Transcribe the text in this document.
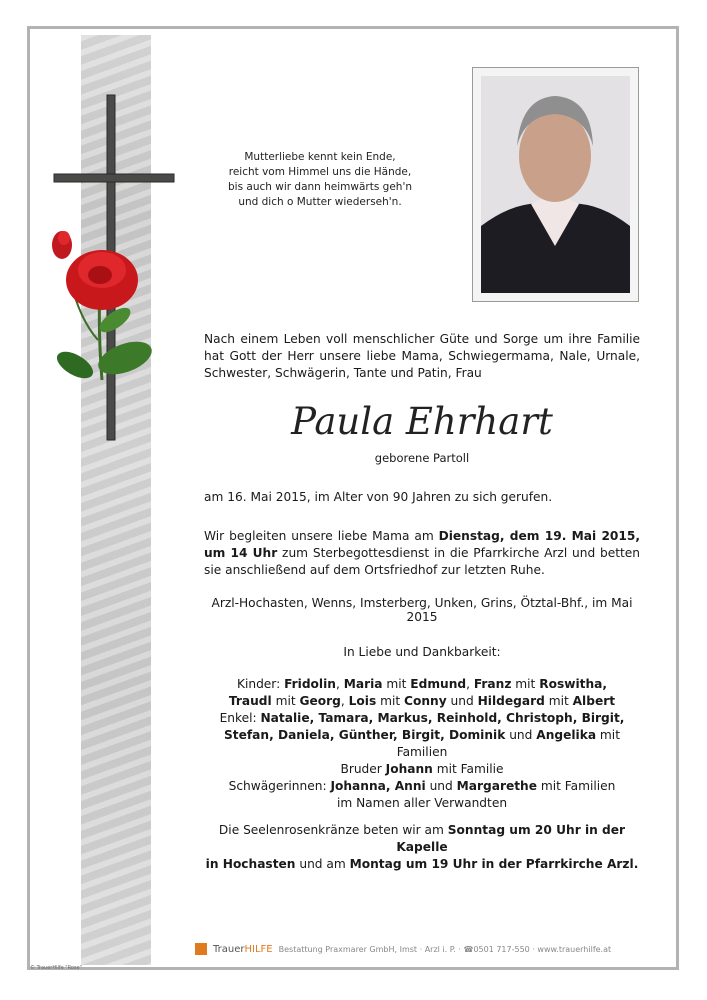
Mutterliebe kennt kein Ende,
reicht vom Himmel uns die Hände,
bis auch wir dann heimwärts geh'n
und dich o Mutter wiederseh'n.
Nach einem Leben voll menschlicher Güte und Sorge um ihre Familie hat Gott der Herr unsere liebe Mama, Schwiegermama, Nale, Urnale, Schwester, Schwägerin, Tante und Patin, Frau
Paula Ehrhart
geborene Partoll
am 16. Mai 2015, im Alter von 90 Jahren zu sich gerufen.
Wir begleiten unsere liebe Mama am Dienstag, dem 19. Mai 2015, um 14 Uhr zum Sterbegottesdienst in die Pfarrkirche Arzl und betten sie anschließend auf dem Ortsfriedhof zur letzten Ruhe.
Arzl-Hochasten, Wenns, Imsterberg, Unken, Grins, Ötztal-Bhf., im Mai 2015
In Liebe und Dankbarkeit:
Kinder: Fridolin, Maria mit Edmund, Franz mit Roswitha,
Traudl mit Georg, Lois mit Conny und Hildegard mit Albert
Enkel: Natalie, Tamara, Markus, Reinhold, Christoph, Birgit,
Stefan, Daniela, Günther, Birgit, Dominik und Angelika mit Familien
Bruder Johann mit Familie
Schwägerinnen: Johanna, Anni und Margarethe mit Familien
im Namen aller Verwandten
Die Seelenrosenkränze beten wir am Sonntag um 20 Uhr in der Kapelle
in Hochasten und am Montag um 19 Uhr in der Pfarrkirche Arzl.
TrauerHILFE Bestattung Praxmarer GmbH, Imst · Arzl i. P. · ☎0501 717-550 · www.trauerhilfe.at
© TrauerHilfe "Rose"
